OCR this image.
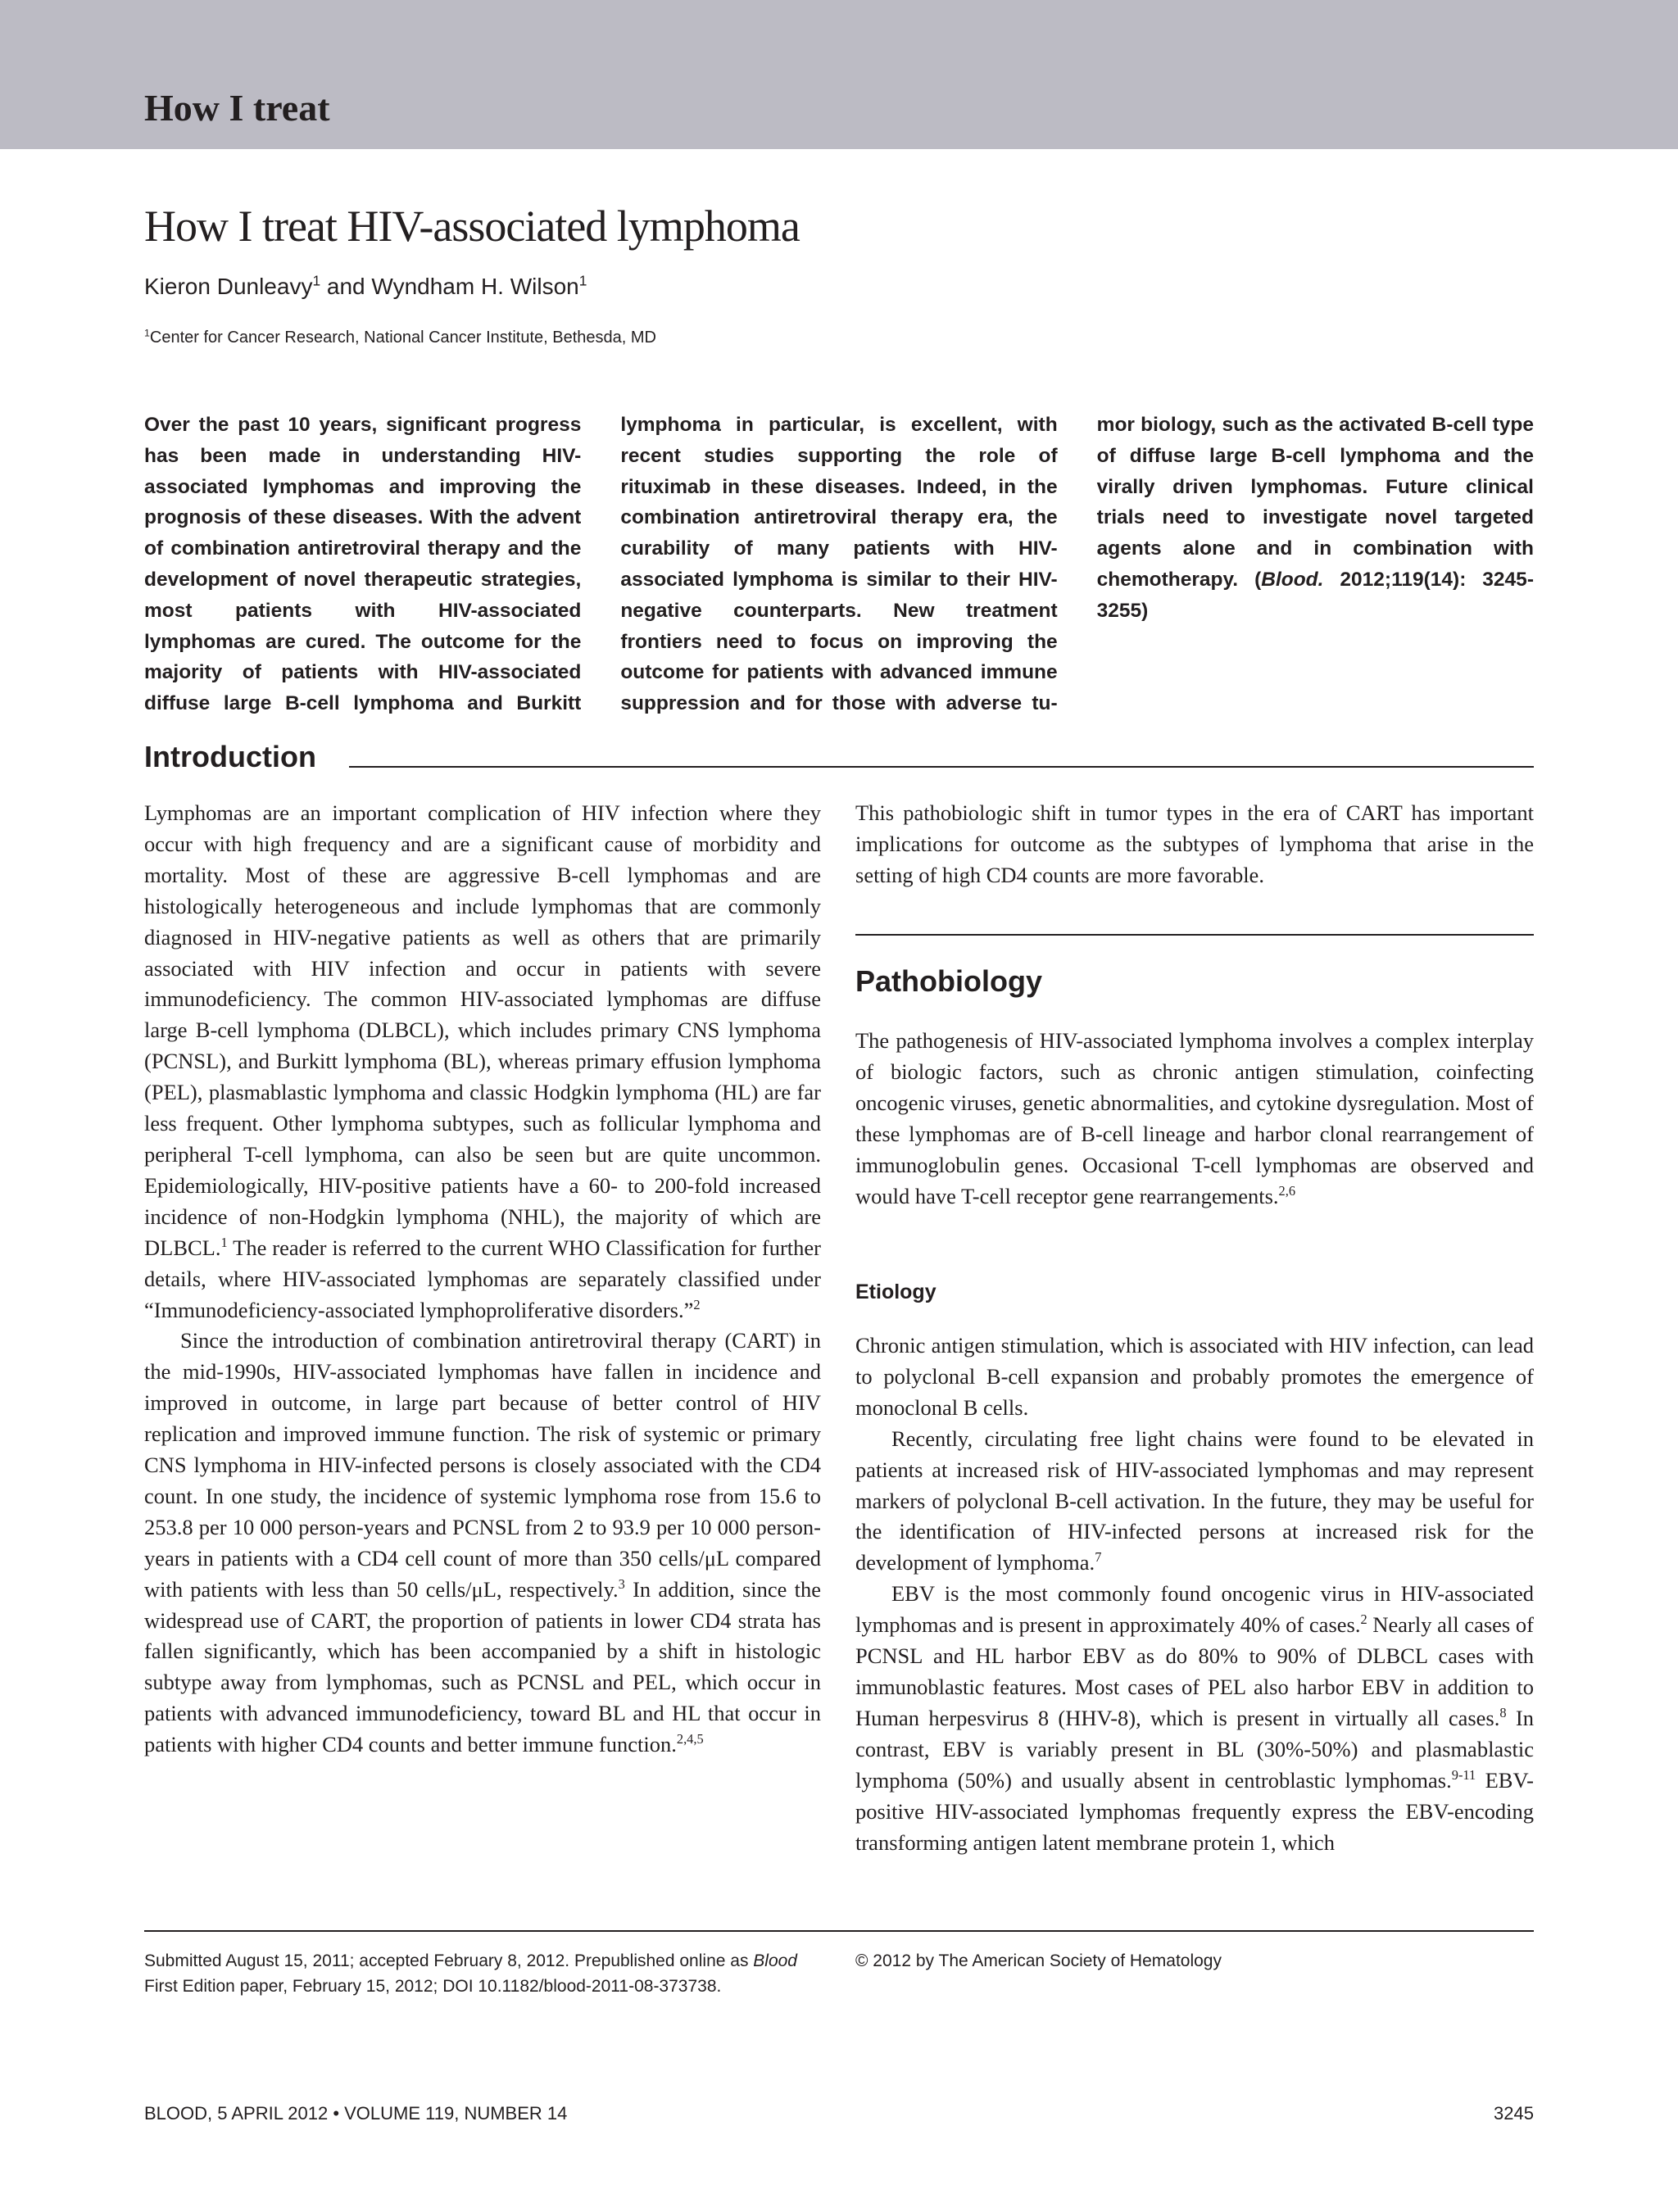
How I treat
How I treat HIV-associated lymphoma
Kieron Dunleavy$^1$ and Wyndham H. Wilson$^1$
$^1$Center for Cancer Research, National Cancer Institute, Bethesda, MD

Over the past 10 years, significant progress has been made in understanding HIV-associated lymphomas and improving the prognosis of these diseases. With the advent of combination antiretroviral therapy and the development of novel therapeutic strategies, most patients with HIV-associated lymphomas are cured. The outcome for the majority of patients with HIV-associated diffuse large B-cell lymphoma and Burkitt lymphoma in particular, is excellent, with recent studies supporting the role of rituximab in these diseases. Indeed, in the combination antiretroviral therapy era, the curability of many patients with HIV-associated lymphoma is similar to their HIV-negative counterparts. New treatment frontiers need to focus on improving the outcome for patients with advanced immune suppression and for those with adverse tumor biology, such as the activated B-cell type of diffuse large B-cell lymphoma and the virally driven lymphomas. Future clinical trials need to investigate novel targeted agents alone and in combination with chemotherapy. (Blood. 2012;119(14): 3245-3255)

Introduction

Lymphomas are an important complication of HIV infection where they occur with high frequency and are a significant cause of morbidity and mortality. Most of these are aggressive B-cell lymphomas and are histologically heterogeneous and include lymphomas that are commonly diagnosed in HIV-negative patients as well as others that are primarily associated with HIV infection and occur in patients with severe immunodeficiency. The common HIV-associated lymphomas are diffuse large B-cell lymphoma (DLBCL), which includes primary CNS lymphoma (PCNSL), and Burkitt lymphoma (BL), whereas primary effusion lymphoma (PEL), plasmablastic lymphoma and classic Hodgkin lymphoma (HL) are far less frequent. Other lymphoma subtypes, such as follicular lymphoma and peripheral T-cell lymphoma, can also be seen but are quite uncommon. Epidemiologically, HIV-positive patients have a 60- to 200-fold increased incidence of non-Hodgkin lymphoma (NHL), the majority of which are DLBCL.$^1$ The reader is referred to the current WHO Classification for further details, where HIV-associated lymphomas are separately classified under “Immunodeficiency-associated lymphoproliferative disorders.”$^2$

Since the introduction of combination antiretroviral therapy (CART) in the mid-1990s, HIV-associated lymphomas have fallen in incidence and improved in outcome, in large part because of better control of HIV replication and improved immune function. The risk of systemic or primary CNS lymphoma in HIV-infected persons is closely associated with the CD4 count. In one study, the incidence of systemic lymphoma rose from 15.6 to 253.8 per 10 000 person-years and PCNSL from 2 to 93.9 per 10 000 person-years in patients with a CD4 cell count of more than 350 cells/μL compared with patients with less than 50 cells/μL, respectively.$^3$ In addition, since the widespread use of CART, the proportion of patients in lower CD4 strata has fallen significantly, which has been accompanied by a shift in histologic subtype away from lymphomas, such as PCNSL and PEL, which occur in patients with advanced immunodeficiency, toward BL and HL that occur in patients with higher CD4 counts and better immune function.$^{2,4,5}$

This pathobiologic shift in tumor types in the era of CART has important implications for outcome as the subtypes of lymphoma that arise in the setting of high CD4 counts are more favorable.

Pathobiology

The pathogenesis of HIV-associated lymphoma involves a complex interplay of biologic factors, such as chronic antigen stimulation, coinfecting oncogenic viruses, genetic abnormalities, and cytokine dysregulation. Most of these lymphomas are of B-cell lineage and harbor clonal rearrangement of immunoglobulin genes. Occasional T-cell lymphomas are observed and would have T-cell receptor gene rearrangements.$^{2,6}$

Etiology

Chronic antigen stimulation, which is associated with HIV infection, can lead to polyclonal B-cell expansion and probably promotes the emergence of monoclonal B cells.

Recently, circulating free light chains were found to be elevated in patients at increased risk of HIV-associated lymphomas and may represent markers of polyclonal B-cell activation. In the future, they may be useful for the identification of HIV-infected persons at increased risk for the development of lymphoma.$^7$

EBV is the most commonly found oncogenic virus in HIV-associated lymphomas and is present in approximately 40% of cases.$^2$ Nearly all cases of PCNSL and HL harbor EBV as do 80% to 90% of DLBCL cases with immunoblastic features. Most cases of PEL also harbor EBV in addition to Human herpesvirus 8 (HHV-8), which is present in virtually all cases.$^8$ In contrast, EBV is variably present in BL (30%-50%) and plasmablastic lymphoma (50%) and usually absent in centroblastic lymphomas.$^{9-11}$ EBV-positive HIV-associated lymphomas frequently express the EBV-encoding transforming antigen latent membrane protein 1, which

Submitted August 15, 2011; accepted February 8, 2012. Prepublished online as Blood First Edition paper, February 15, 2012; DOI 10.1182/blood-2011-08-373738.
© 2012 by The American Society of Hematology
BLOOD, 5 APRIL 2012 • VOLUME 119, NUMBER 14	3245
